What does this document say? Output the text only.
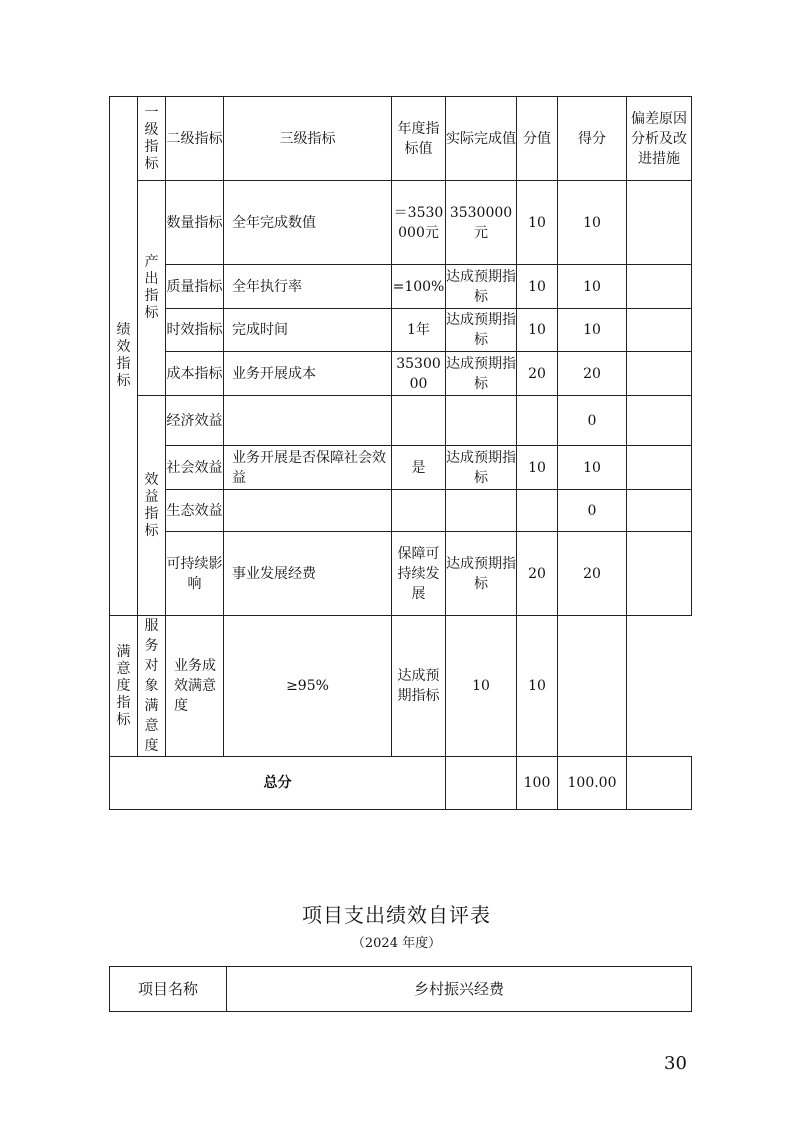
绩效指标	一级指标	二级指标	三级指标	年度指标值	实际完成值	分值	得分	偏差原因分析及改进措施
	产出指标	数量指标	全年完成数值	＝3530000元	3530000元	10	10	
		质量指标	全年执行率	=100%	达成预期指标	10	10	
		时效指标	完成时间	1年	达成预期指标	10	10	
		成本指标	业务开展成本	3530000	达成预期指标	20	20	
	效益指标	经济效益					0	
		社会效益	业务开展是否保障社会效益	是	达成预期指标	10	10	
		生态效益					0	
		可持续影响	事业发展经费	保障可持续发展	达成预期指标	20	20	
满意度指标	服务对象满意度	业务成效满意度	≥95%	达成预期指标	10	10		
总分						100	100.00	
项目支出绩效自评表
（2024 年度）
项目名称	乡村振兴经费
30
